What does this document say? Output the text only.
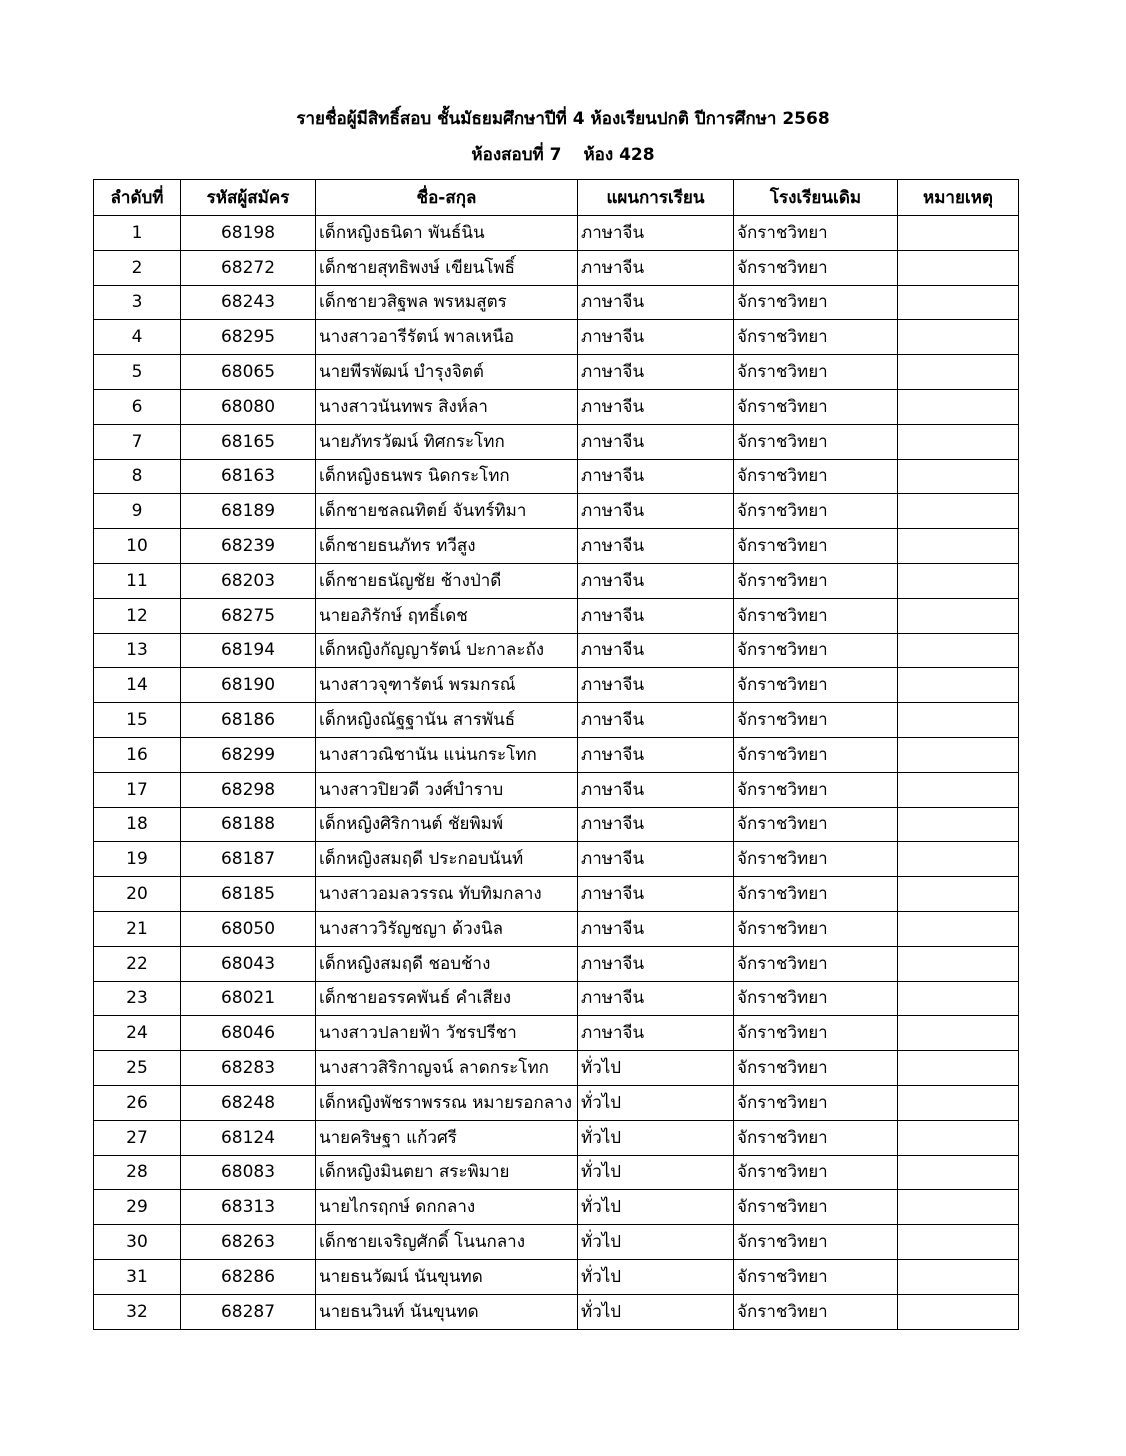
รายชื่อผู้มีสิทธิ์สอบ ชั้นมัธยมศึกษาปีที่ 4 ห้องเรียนปกติ ปีการศึกษา 2568
ห้องสอบที่ 7 ห้อง 428
ลำดับที่	รหัสผู้สมัคร	ชื่อ-สกุล	แผนการเรียน	โรงเรียนเดิม	หมายเหตุ
1	68198	เด็กหญิงธนิดา พันธ์นิน	ภาษาจีน	จักราชวิทยา	
2	68272	เด็กชายสุทธิพงษ์ เขียนโพธิ์	ภาษาจีน	จักราชวิทยา	
3	68243	เด็กชายวสิฐพล พรหมสูตร	ภาษาจีน	จักราชวิทยา	
4	68295	นางสาวอารีรัตน์ พาลเหนือ	ภาษาจีน	จักราชวิทยา	
5	68065	นายพีรพัฒน์ บำรุงจิตต์	ภาษาจีน	จักราชวิทยา	
6	68080	นางสาวนันทพร สิงห์ลา	ภาษาจีน	จักราชวิทยา	
7	68165	นายภัทรวัฒน์ ทิศกระโทก	ภาษาจีน	จักราชวิทยา	
8	68163	เด็กหญิงธนพร นิดกระโทก	ภาษาจีน	จักราชวิทยา	
9	68189	เด็กชายชลณทิตย์ จันทร์ทิมา	ภาษาจีน	จักราชวิทยา	
10	68239	เด็กชายธนภัทร ทวีสูง	ภาษาจีน	จักราชวิทยา	
11	68203	เด็กชายธนัญชัย ช้างป่าดี	ภาษาจีน	จักราชวิทยา	
12	68275	นายอภิรักษ์ ฤทธิ์เดช	ภาษาจีน	จักราชวิทยา	
13	68194	เด็กหญิงกัญญารัตน์ ปะกาละถัง	ภาษาจีน	จักราชวิทยา	
14	68190	นางสาวจุฑารัตน์ พรมกรณ์	ภาษาจีน	จักราชวิทยา	
15	68186	เด็กหญิงณัฐฐานัน สารพันธ์	ภาษาจีน	จักราชวิทยา	
16	68299	นางสาวณิชานัน แน่นกระโทก	ภาษาจีน	จักราชวิทยา	
17	68298	นางสาวปิยวดี วงศ์บำราบ	ภาษาจีน	จักราชวิทยา	
18	68188	เด็กหญิงศิริกานต์ ชัยพิมพ์	ภาษาจีน	จักราชวิทยา	
19	68187	เด็กหญิงสมฤดี ประกอบนันท์	ภาษาจีน	จักราชวิทยา	
20	68185	นางสาวอมลวรรณ ทับทิมกลาง	ภาษาจีน	จักราชวิทยา	
21	68050	นางสาววิรัญชญา ด้วงนิล	ภาษาจีน	จักราชวิทยา	
22	68043	เด็กหญิงสมฤดี ชอบช้าง	ภาษาจีน	จักราชวิทยา	
23	68021	เด็กชายอรรคพันธ์ คำเสียง	ภาษาจีน	จักราชวิทยา	
24	68046	นางสาวปลายฟ้า วัชรปรีชา	ภาษาจีน	จักราชวิทยา	
25	68283	นางสาวสิริกาญจน์ ลาดกระโทก	ทั่วไป	จักราชวิทยา	
26	68248	เด็กหญิงพัชราพรรณ หมายรอกลาง	ทั่วไป	จักราชวิทยา	
27	68124	นายคริษฐา แก้วศรี	ทั่วไป	จักราชวิทยา	
28	68083	เด็กหญิงมินตยา สระพิมาย	ทั่วไป	จักราชวิทยา	
29	68313	นายไกรฤกษ์ ดกกลาง	ทั่วไป	จักราชวิทยา	
30	68263	เด็กชายเจริญศักดิ์ โนนกลาง	ทั่วไป	จักราชวิทยา	
31	68286	นายธนวัฒน์ นันขุนทด	ทั่วไป	จักราชวิทยา	
32	68287	นายธนวินท์ นันขุนทด	ทั่วไป	จักราชวิทยา	
